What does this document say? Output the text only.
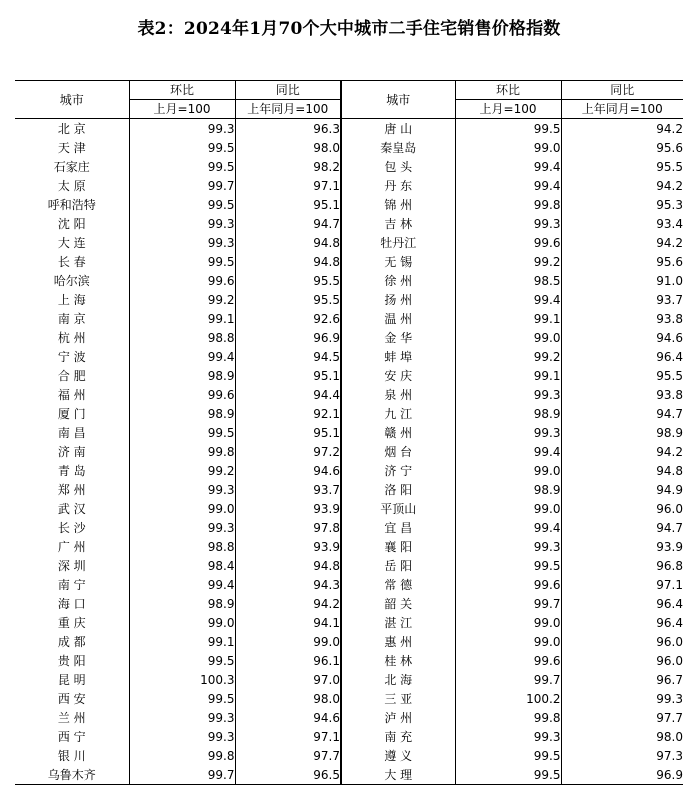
表2：2024年1月70个大中城市二手住宅销售价格指数
城市	环比	同比	城市	环比	同比
	上月=100	上年同月=100		上月=100	上年同月=100
北 京	99.3	96.3	唐 山	99.5	94.2
天 津	99.5	98.0	秦皇岛	99.0	95.6
石家庄	99.5	98.2	包 头	99.4	95.5
太 原	99.7	97.1	丹 东	99.4	94.2
呼和浩特	99.5	95.1	锦 州	99.8	95.3
沈 阳	99.3	94.7	吉 林	99.3	93.4
大 连	99.3	94.8	牡丹江	99.6	94.2
长 春	99.5	94.8	无 锡	99.2	95.6
哈尔滨	99.6	95.5	徐 州	98.5	91.0
上 海	99.2	95.5	扬 州	99.4	93.7
南 京	99.1	92.6	温 州	99.1	93.8
杭 州	98.8	96.9	金 华	99.0	94.6
宁 波	99.4	94.5	蚌 埠	99.2	96.4
合 肥	98.9	95.1	安 庆	99.1	95.5
福 州	99.6	94.4	泉 州	99.3	93.8
厦 门	98.9	92.1	九 江	98.9	94.7
南 昌	99.5	95.1	赣 州	99.3	98.9
济 南	99.8	97.2	烟 台	99.4	94.2
青 岛	99.2	94.6	济 宁	99.0	94.8
郑 州	99.3	93.7	洛 阳	98.9	94.9
武 汉	99.0	93.9	平顶山	99.0	96.0
长 沙	99.3	97.8	宜 昌	99.4	94.7
广 州	98.8	93.9	襄 阳	99.3	93.9
深 圳	98.4	94.8	岳 阳	99.5	96.8
南 宁	99.4	94.3	常 德	99.6	97.1
海 口	98.9	94.2	韶 关	99.7	96.4
重 庆	99.0	94.1	湛 江	99.0	96.4
成 都	99.1	99.0	惠 州	99.0	96.0
贵 阳	99.5	96.1	桂 林	99.6	96.0
昆 明	100.3	97.0	北 海	99.7	96.7
西 安	99.5	98.0	三 亚	100.2	99.3
兰 州	99.3	94.6	泸 州	99.8	97.7
西 宁	99.3	97.1	南 充	99.3	98.0
银 川	99.8	97.7	遵 义	99.5	97.3
乌鲁木齐	99.7	96.5	大 理	99.5	96.9
